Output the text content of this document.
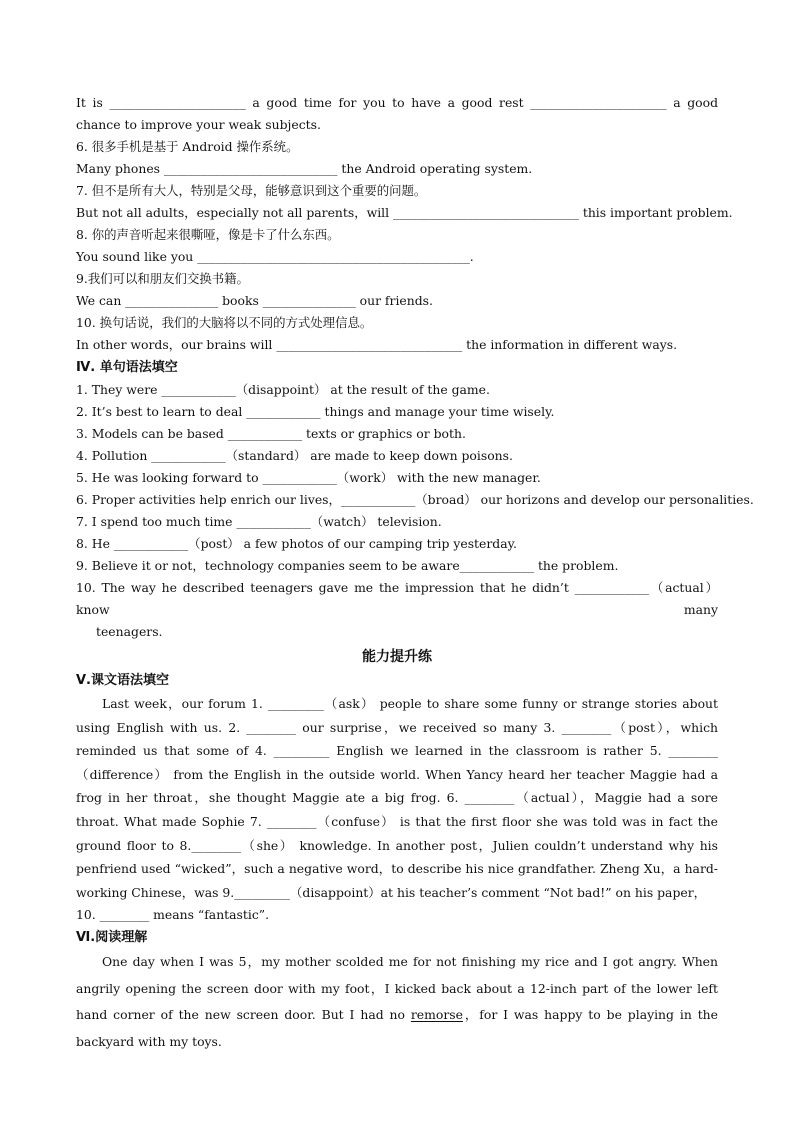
It is ______________________ a good time for you to have a good rest ______________________ a good
chance to improve your weak subjects.
6. 很多手机是基于 Android 操作系统。
Many phones ____________________________ the Android operating system.
7. 但不是所有大人，特别是父母，能够意识到这个重要的问题。
But not all adults，especially not all parents，will ______________________________ this important problem.
8. 你的声音听起来很嘶哑，像是卡了什么东西。
You sound like you ____________________________________________.
9.我们可以和朋友们交换书籍。
We can _______________ books _______________ our friends.
10. 换句话说，我们的大脑将以不同的方式处理信息。
In other words，our brains will ______________________________ the information in different ways.
Ⅳ. 单句语法填空
1. They were ____________（disappoint） at the result of the game.
2. It’s best to learn to deal ____________ things and manage your time wisely.
3. Models can be based ____________ texts or graphics or both.
4. Pollution ____________（standard） are made to keep down poisons.
5. He was looking forward to ____________（work） with the new manager.
6. Proper activities help enrich our lives，____________（broad） our horizons and develop our personalities.
7. I spend too much time ____________（watch） television.
8. He ____________（post） a few photos of our camping trip yesterday.
9. Believe it or not，technology companies seem to be aware____________ the problem.
10. The way he described teenagers gave me the impression that he didn’t ____________（actual） know many
teenagers.
能力提升练
Ⅴ.课文语法填空
Last week，our forum 1. _________（ask） people to share some funny or strange stories about using English with us. 2. ________ our surprise，we received so many 3. ________（post），which reminded us that some of 4. _________ English we learned in the classroom is rather 5. ________（difference） from the English in the outside world. When Yancy heard her teacher Maggie had a frog in her throat，she thought Maggie ate a big frog. 6. ________（actual），Maggie had a sore throat. What made Sophie 7. ________（confuse） is that the first floor she was told was in fact the ground floor to 8.________（she） knowledge. In another post，Julien couldn’t understand why his penfriend used “wicked”，such a negative word，to describe his nice grandfather. Zheng Xu，a hard-working Chinese，was 9._________（disappoint）at his teacher’s comment “Not bad!” on his paper，
10. ________ means “fantastic”.
Ⅵ.阅读理解
One day when I was 5，my mother scolded me for not finishing my rice and I got angry. When angrily opening the screen door with my foot，I kicked back about a 12-inch part of the lower left hand corner of the new screen door. But I had no remorse，for I was happy to be playing in the backyard with my toys.
